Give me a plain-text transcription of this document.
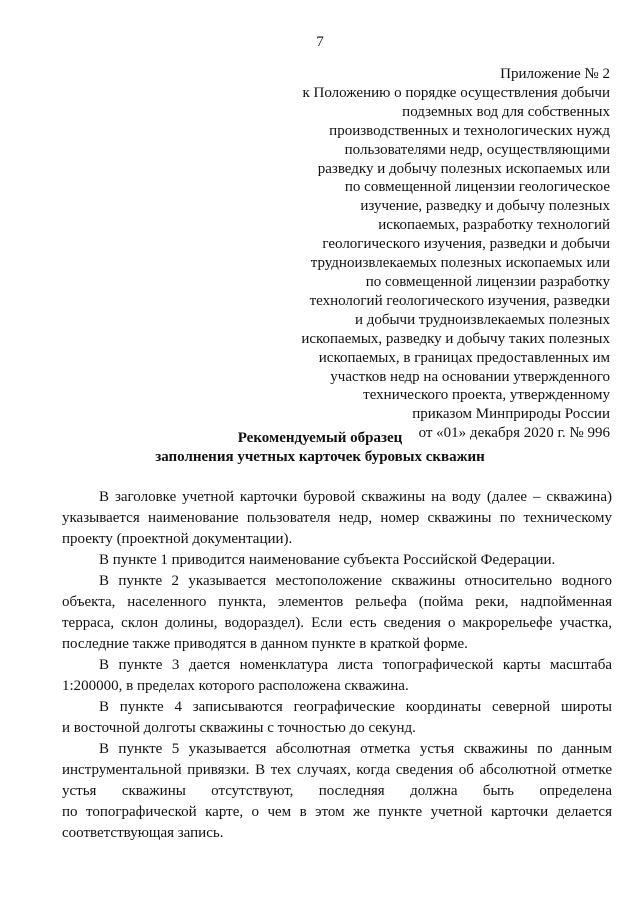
7
Приложение № 2
к Положению о порядке осуществления добычи
подземных вод для собственных
производственных и технологических нужд
пользователями недр, осуществляющими
разведку и добычу полезных ископаемых или
по совмещенной лицензии геологическое
изучение, разведку и добычу полезных
ископаемых, разработку технологий
геологического изучения, разведки и добычи
трудноизвлекаемых полезных ископаемых или
по совмещенной лицензии разработку
технологий геологического изучения, разведки
и добычи трудноизвлекаемых полезных
ископаемых, разведку и добычу таких полезных
ископаемых, в границах предоставленных им
участков недр на основании утвержденного
технического проекта, утвержденному
приказом Минприроды России
от «01» декабря 2020 г. № 996
Рекомендуемый образец
заполнения учетных карточек буровых скважин
В заголовке учетной карточки буровой скважины на воду (далее – скважина)
указывается наименование пользователя недр, номер скважины по техническому
проекту (проектной документации).
В пункте 1 приводится наименование субъекта Российской Федерации.
В пункте 2 указывается местоположение скважины относительно водного
объекта, населенного пункта, элементов рельефа (пойма реки, надпойменная
терраса, склон долины, водораздел). Если есть сведения о макрорельефе участка,
последние также приводятся в данном пункте в краткой форме.
В пункте 3 дается номенклатура листа топографической карты масштаба
1:200000, в пределах которого расположена скважина.
В пункте 4 записываются географические координаты северной широты
и восточной долготы скважины с точностью до секунд.
В пункте 5 указывается абсолютная отметка устья скважины по данным
инструментальной привязки. В тех случаях, когда сведения об абсолютной отметке
устья скважины отсутствуют, последняя должна быть определена
по топографической карте, о чем в этом же пункте учетной карточки делается
соответствующая запись.
